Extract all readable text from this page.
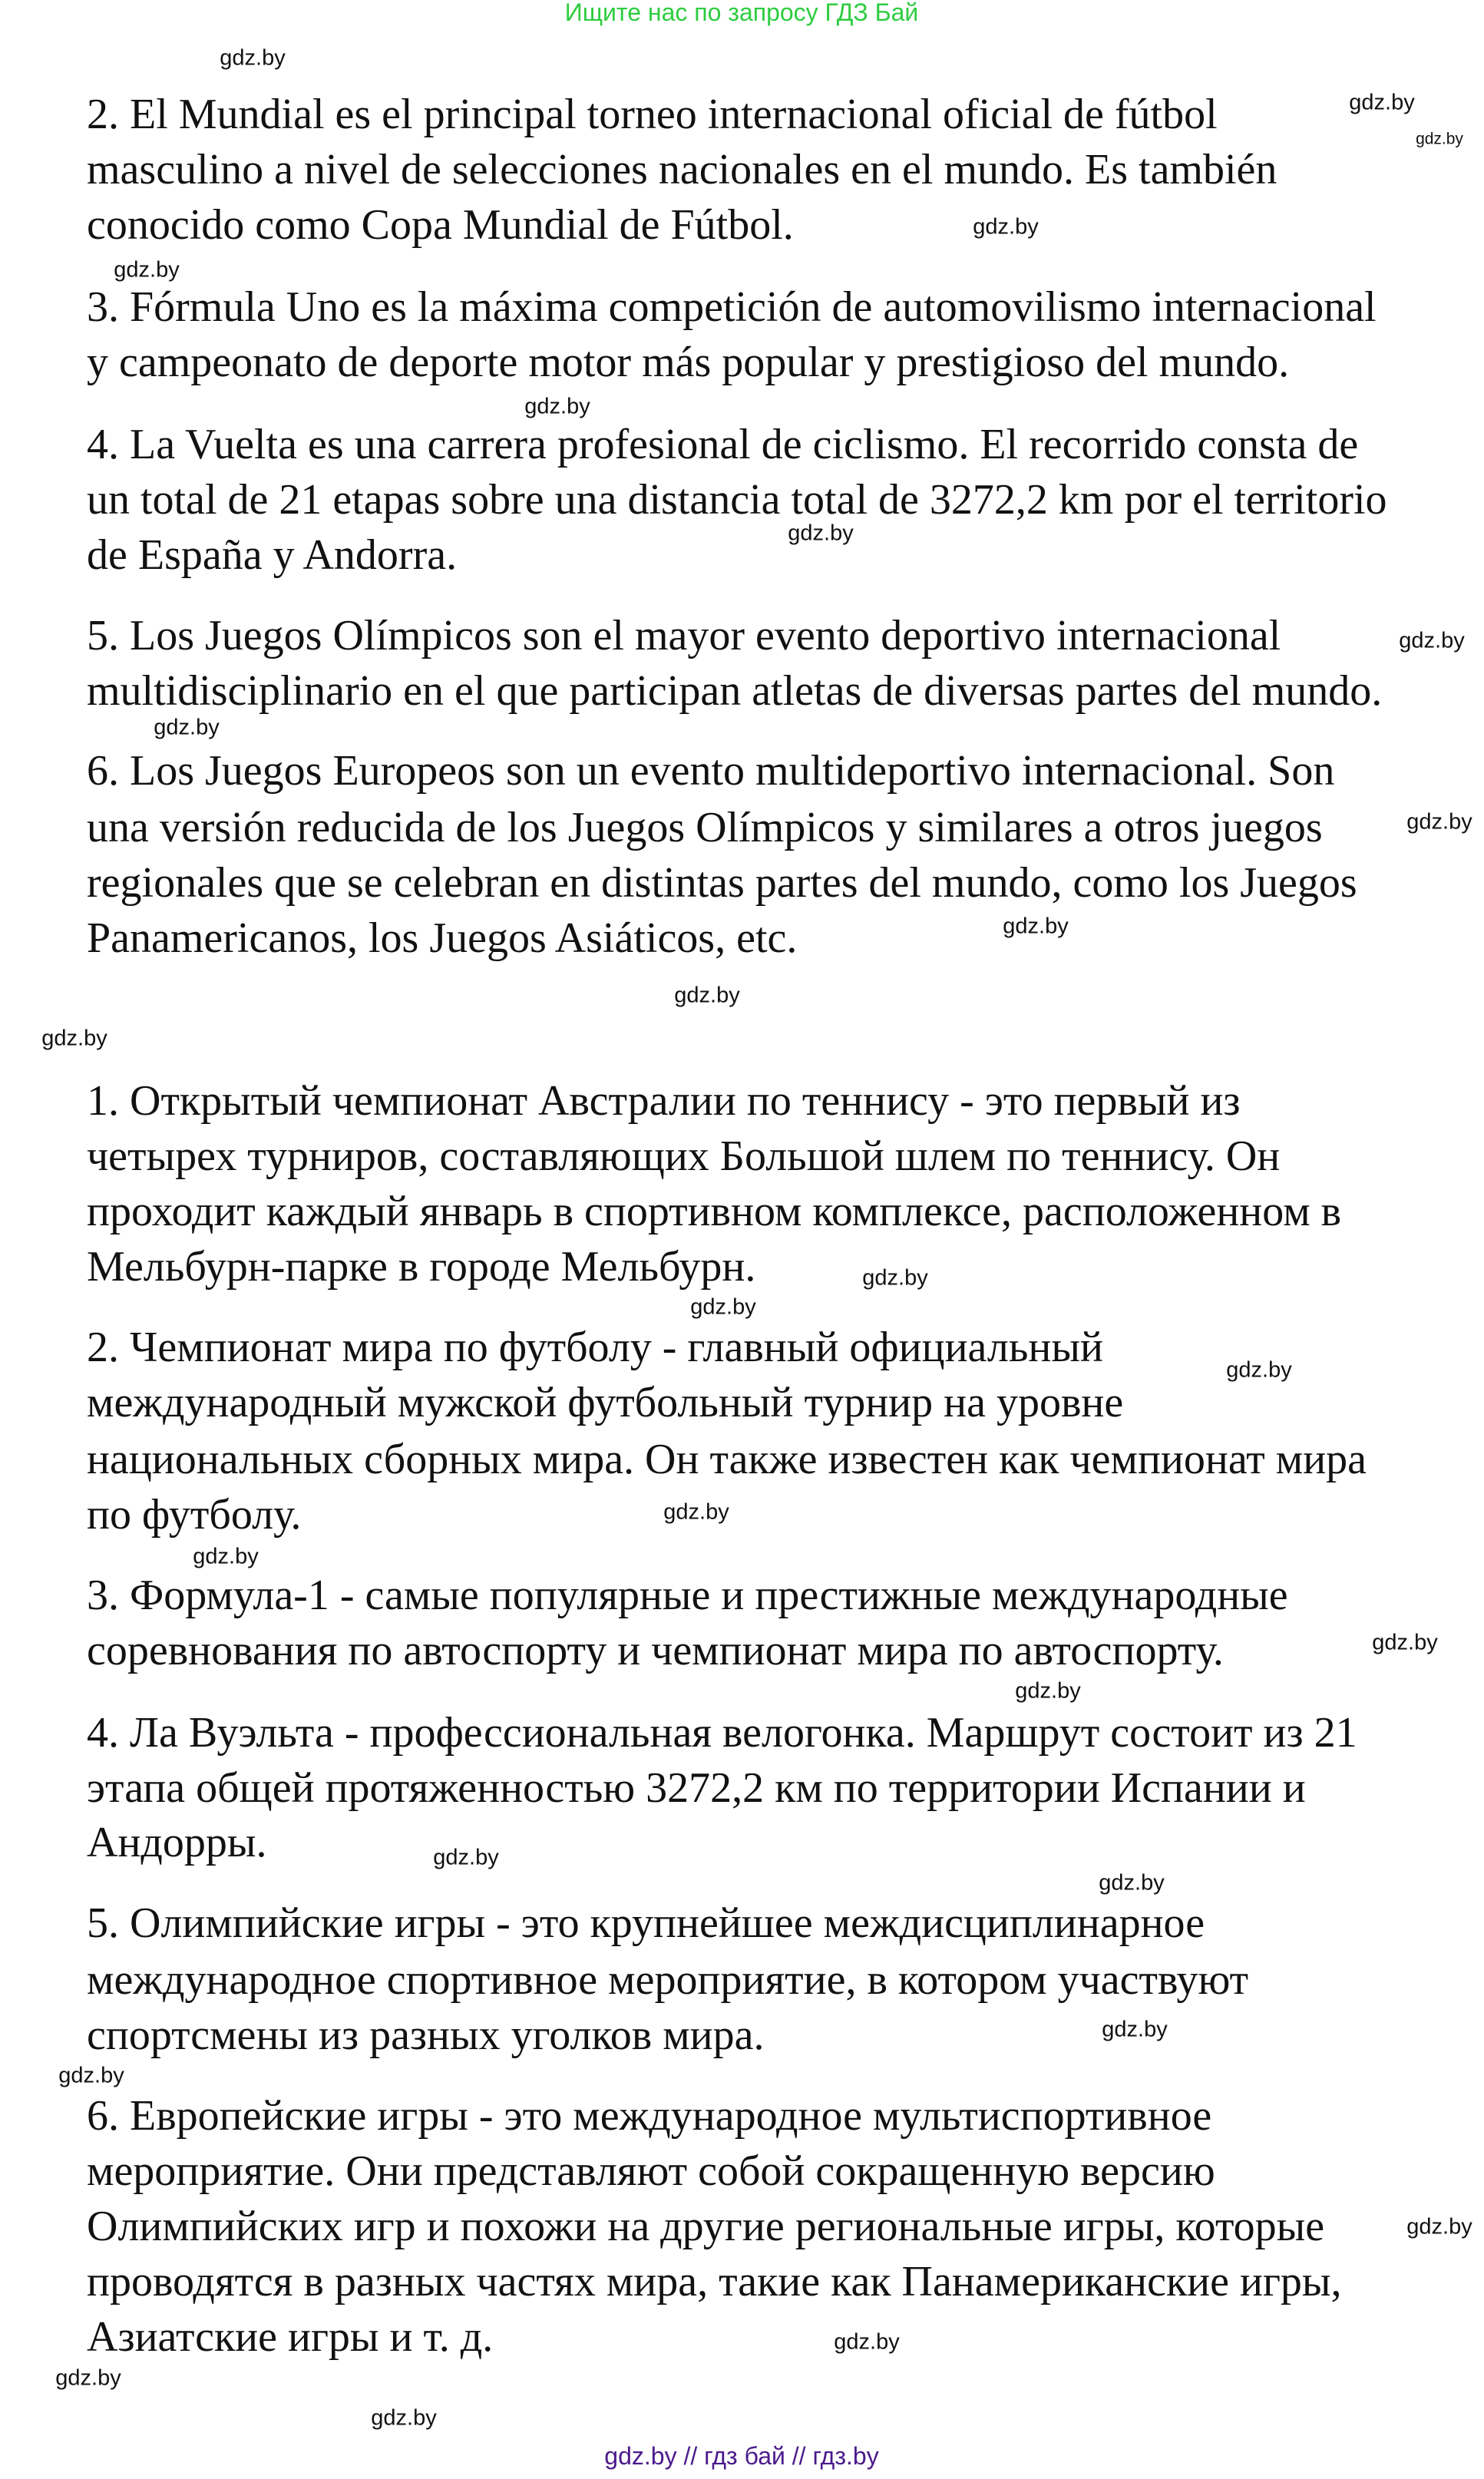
Ищите нас по запросу ГДЗ Бай
2. El Mundial es el principal torneo internacional oficial de fútbol
masculino a nivel de selecciones nacionales en el mundo. Es también
conocido como Copa Mundial de Fútbol.
3. Fórmula Uno es la máxima competición de automovilismo internacional
y campeonato de deporte motor más popular y prestigioso del mundo.
4. La Vuelta es una carrera profesional de ciclismo. El recorrido consta de
un total de 21 etapas sobre una distancia total de 3272,2 km por el territorio
de España y Andorra.
5. Los Juegos Olímpicos son el mayor evento deportivo internacional
multidisciplinario en el que participan atletas de diversas partes del mundo.
6. Los Juegos Europeos son un evento multideportivo internacional. Son
una versión reducida de los Juegos Olímpicos y similares a otros juegos
regionales que se celebran en distintas partes del mundo, como los Juegos
Panamericanos, los Juegos Asiáticos, etc.
1. Открытый чемпионат Австралии по теннису - это первый из
четырех турниров, составляющих Большой шлем по теннису. Он
проходит каждый январь в спортивном комплексе, расположенном в
Мельбурн-парке в городе Мельбурн.
2. Чемпионат мира по футболу - главный официальный
международный мужской футбольный турнир на уровне
национальных сборных мира. Он также известен как чемпионат мира
по футболу.
3. Формула-1 - самые популярные и престижные международные
соревнования по автоспорту и чемпионат мира по автоспорту.
4. Ла Вуэльта - профессиональная велогонка. Маршрут состоит из 21
этапа общей протяженностью 3272,2 км по территории Испании и
Андорры.
5. Олимпийские игры - это крупнейшее междисциплинарное
международное спортивное мероприятие, в котором участвуют
спортсмены из разных уголков мира.
6. Европейские игры - это международное мультиспортивное
мероприятие. Они представляют собой сокращенную версию
Олимпийских игр и похожи на другие региональные игры, которые
проводятся в разных частях мира, такие как Панамериканские игры,
Азиатские игры и т. д.
gdz.by
gdz.by
gdz.by
gdz.by
gdz.by
gdz.by
gdz.by
gdz.by
gdz.by
gdz.by
gdz.by
gdz.by
gdz.by
gdz.by
gdz.by
gdz.by
gdz.by
gdz.by
gdz.by
gdz.by
gdz.by
gdz.by
gdz.by
gdz.by
gdz.by
gdz.by
gdz.by
gdz.by
gdz.by // гдз бай // гдз.by
